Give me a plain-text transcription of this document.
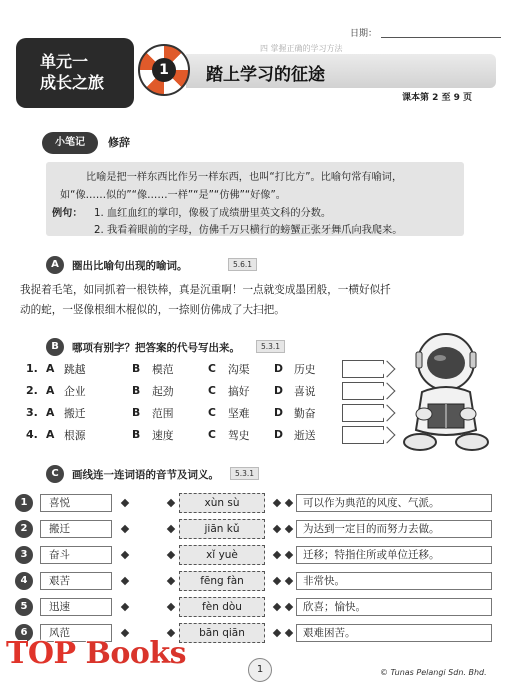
日期：
单元一
成长之旅
四 掌握正确的学习方法
1	踏上学习的征途
课本第 2 至 9 页
小笔记	修辞
比喻是把一样东西比作另一样东西，也叫“打比方”。比喻句常有喻词，
如“像……似的”“像……一样”“是”“仿佛”“好像”。
例句： 1. 血红血红的掌印，像极了成绩册里英文科的分数。
2. 我看着眼前的字母，仿佛千万只横行的螃蟹正张牙舞爪向我爬来。
A	圈出比喻句出现的喻词。	5.6.1
我捉着毛笔，如同抓着一根铁棒，真是沉重啊！一点就变成墨团般，一横好似扦
动的蛇，一竖像根细木棍似的，一捺则仿佛成了大扫把。
B	哪项有别字？把答案的代号写出来。	5.3.1
1. A 跳越	B 模范	C 沟渠 D 历史
2. A 企业	B 起劲	C 搞好 D 喜说
3. A 搬迁	B 范围	C 坚难 D 勤奋
4. A 根源	B 速度	C 驾史 D 逝送
C	画线连一连词语的音节及词义。	5.3.1
1	喜悦	xùn sù	可以作为典范的风度、气派。
2	搬迁	jiān kǔ	为达到一定目的而努力去做。
3	奋斗	xǐ yuè	迁移；特指住所或单位迁移。
4	艰苦	fēng fàn	非常快。
5	迅速	fèn dòu	欣喜；愉快。
6	风范	bān qiān	艰难困苦。
1	© Tunas Pelangi Sdn. Bhd.
TOP Books
